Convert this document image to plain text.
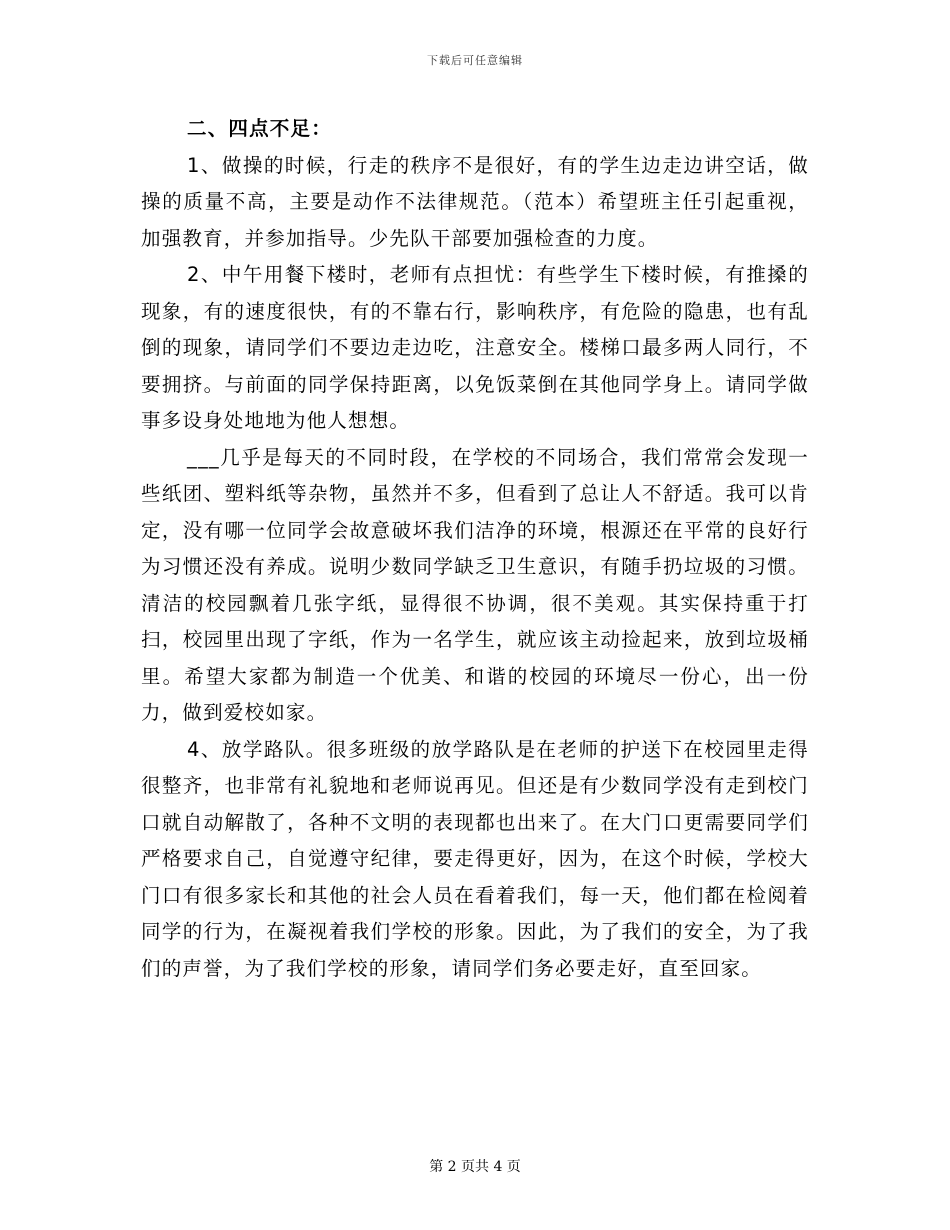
下载后可任意编辑

二、四点不足：

1、做操的时候，行走的秩序不是很好，有的学生边走边讲空话，做操的质量不高，主要是动作不法律规范。（范本）希望班主任引起重视，加强教育，并参加指导。少先队干部要加强检查的力度。

2、中午用餐下楼时，老师有点担忧：有些学生下楼时候，有推搡的现象，有的速度很快，有的不靠右行，影响秩序，有危险的隐患，也有乱倒的现象，请同学们不要边走边吃，注意安全。楼梯口最多两人同行，不要拥挤。与前面的同学保持距离，以免饭菜倒在其他同学身上。请同学做事多设身处地地为他人想想。

___几乎是每天的不同时段，在学校的不同场合，我们常常会发现一些纸团、塑料纸等杂物，虽然并不多，但看到了总让人不舒适。我可以肯定，没有哪一位同学会故意破坏我们洁净的环境，根源还在平常的良好行为习惯还没有养成。说明少数同学缺乏卫生意识，有随手扔垃圾的习惯。清洁的校园飘着几张字纸，显得很不协调，很不美观。其实保持重于打扫，校园里出现了字纸，作为一名学生，就应该主动捡起来，放到垃圾桶里。希望大家都为制造一个优美、和谐的校园的环境尽一份心，出一份力，做到爱校如家。

4、放学路队。很多班级的放学路队是在老师的护送下在校园里走得很整齐，也非常有礼貌地和老师说再见。但还是有少数同学没有走到校门口就自动解散了，各种不文明的表现都也出来了。在大门口更需要同学们严格要求自己，自觉遵守纪律，要走得更好，因为，在这个时候，学校大门口有很多家长和其他的社会人员在看着我们，每一天，他们都在检阅着同学的行为，在凝视着我们学校的形象。因此，为了我们的安全，为了我们的声誉，为了我们学校的形象，请同学们务必要走好，直至回家。

第 2 页共 4 页
